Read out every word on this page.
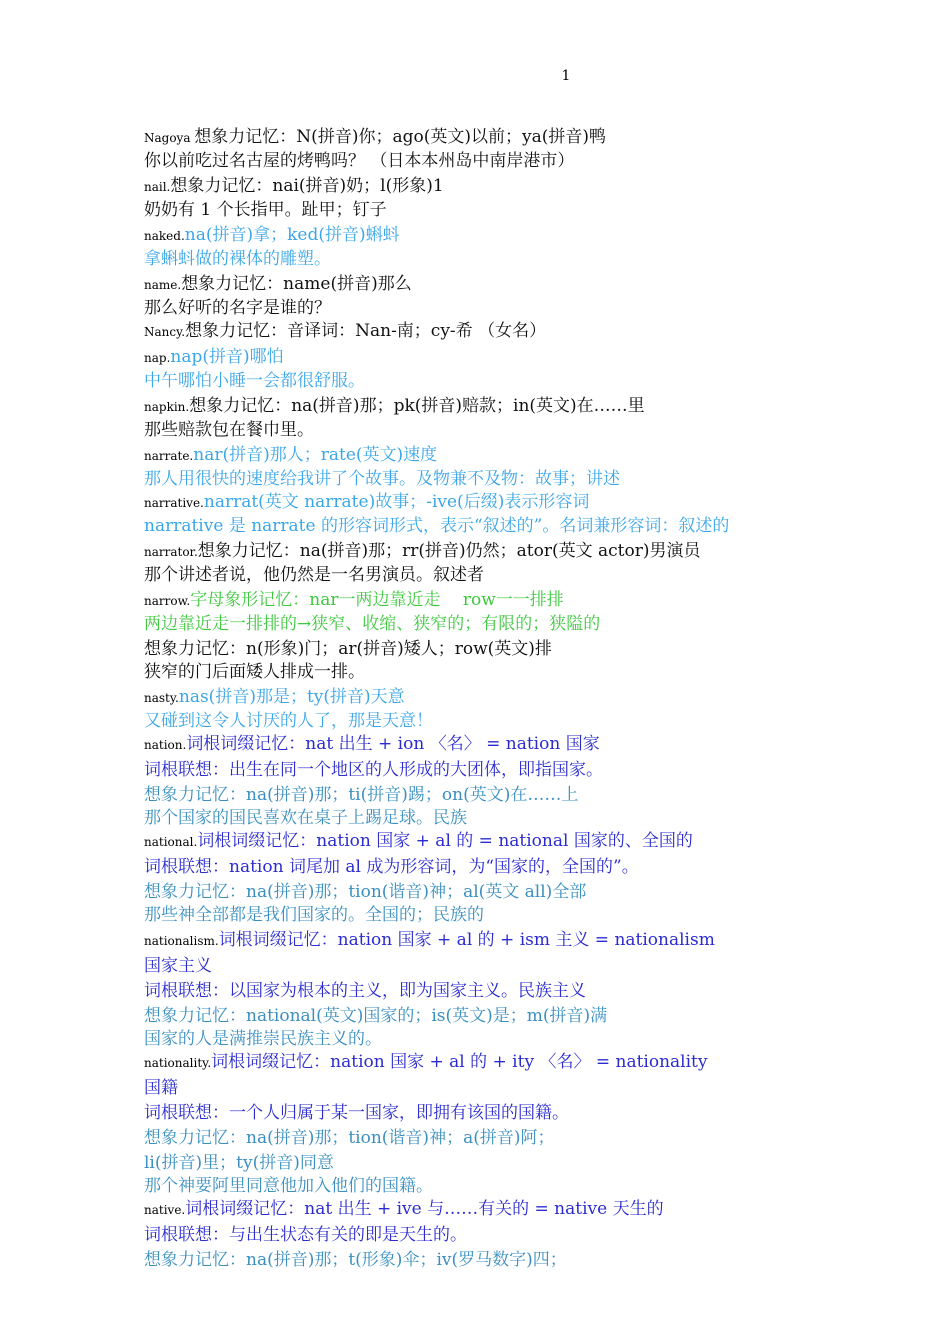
1
Nagoya 想象力记忆：N(拼音)你；ago(英文)以前；ya(拼音)鸭
你以前吃过名古屋的烤鸭吗？ （日本本州岛中南岸港市）
nail.想象力记忆：nai(拼音)奶；l(形象)1
奶奶有 1 个长指甲。趾甲；钉子
naked.na(拼音)拿；ked(拼音)蝌蚪
拿蝌蚪做的裸体的雕塑。
name.想象力记忆：name(拼音)那么
那么好听的名字是谁的？
Nancy.想象力记忆：音译词：Nan-南；cy-希 （女名）
nap.nap(拼音)哪怕
中午哪怕小睡一会都很舒服。
napkin.想象力记忆：na(拼音)那；pk(拼音)赔款；in(英文)在……里
那些赔款包在餐巾里。
narrate.nar(拼音)那人；rate(英文)速度
那人用很快的速度给我讲了个故事。及物兼不及物：故事；讲述
narrative.narrat(英文 narrate)故事；-ive(后缀)表示形容词
narrative 是 narrate 的形容词形式，表示“叙述的”。名词兼形容词：叙述的
narrator.想象力记忆：na(拼音)那；rr(拼音)仍然；ator(英文 actor)男演员
那个讲述者说，他仍然是一名男演员。叙述者
narrow.字母象形记忆：nar一两边靠近走　 row一一排排
两边靠近走一排排的→狭窄、收缩、狭窄的；有限的；狭隘的
想象力记忆：n(形象)门；ar(拼音)矮人；row(英文)排
狭窄的门后面矮人排成一排。
nasty.nas(拼音)那是；ty(拼音)天意
又碰到这令人讨厌的人了，那是天意！
nation.词根词缀记忆：nat 出生 + ion 〈名〉 = nation 国家
词根联想：出生在同一个地区的人形成的大团体，即指国家。
想象力记忆：na(拼音)那；ti(拼音)踢；on(英文)在……上
那个国家的国民喜欢在桌子上踢足球。民族
national.词根词缀记忆：nation 国家 + al 的 = national 国家的、全国的
词根联想：nation 词尾加 al 成为形容词，为“国家的，全国的”。
想象力记忆：na(拼音)那；tion(谐音)神；al(英文 all)全部
那些神全部都是我们国家的。全国的；民族的
nationalism.词根词缀记忆：nation 国家 + al 的 + ism 主义 = nationalism
国家主义
词根联想：以国家为根本的主义，即为国家主义。民族主义
想象力记忆：national(英文)国家的；is(英文)是；m(拼音)满
国家的人是满推崇民族主义的。
nationality.词根词缀记忆：nation 国家 + al 的 + ity 〈名〉 = nationality
国籍
词根联想：一个人归属于某一国家，即拥有该国的国籍。
想象力记忆：na(拼音)那；tion(谐音)神；a(拼音)阿；
li(拼音)里；ty(拼音)同意
那个神要阿里同意他加入他们的国籍。
native.词根词缀记忆：nat 出生 + ive 与……有关的 = native 天生的
词根联想：与出生状态有关的即是天生的。
想象力记忆：na(拼音)那；t(形象)伞；iv(罗马数字)四；
